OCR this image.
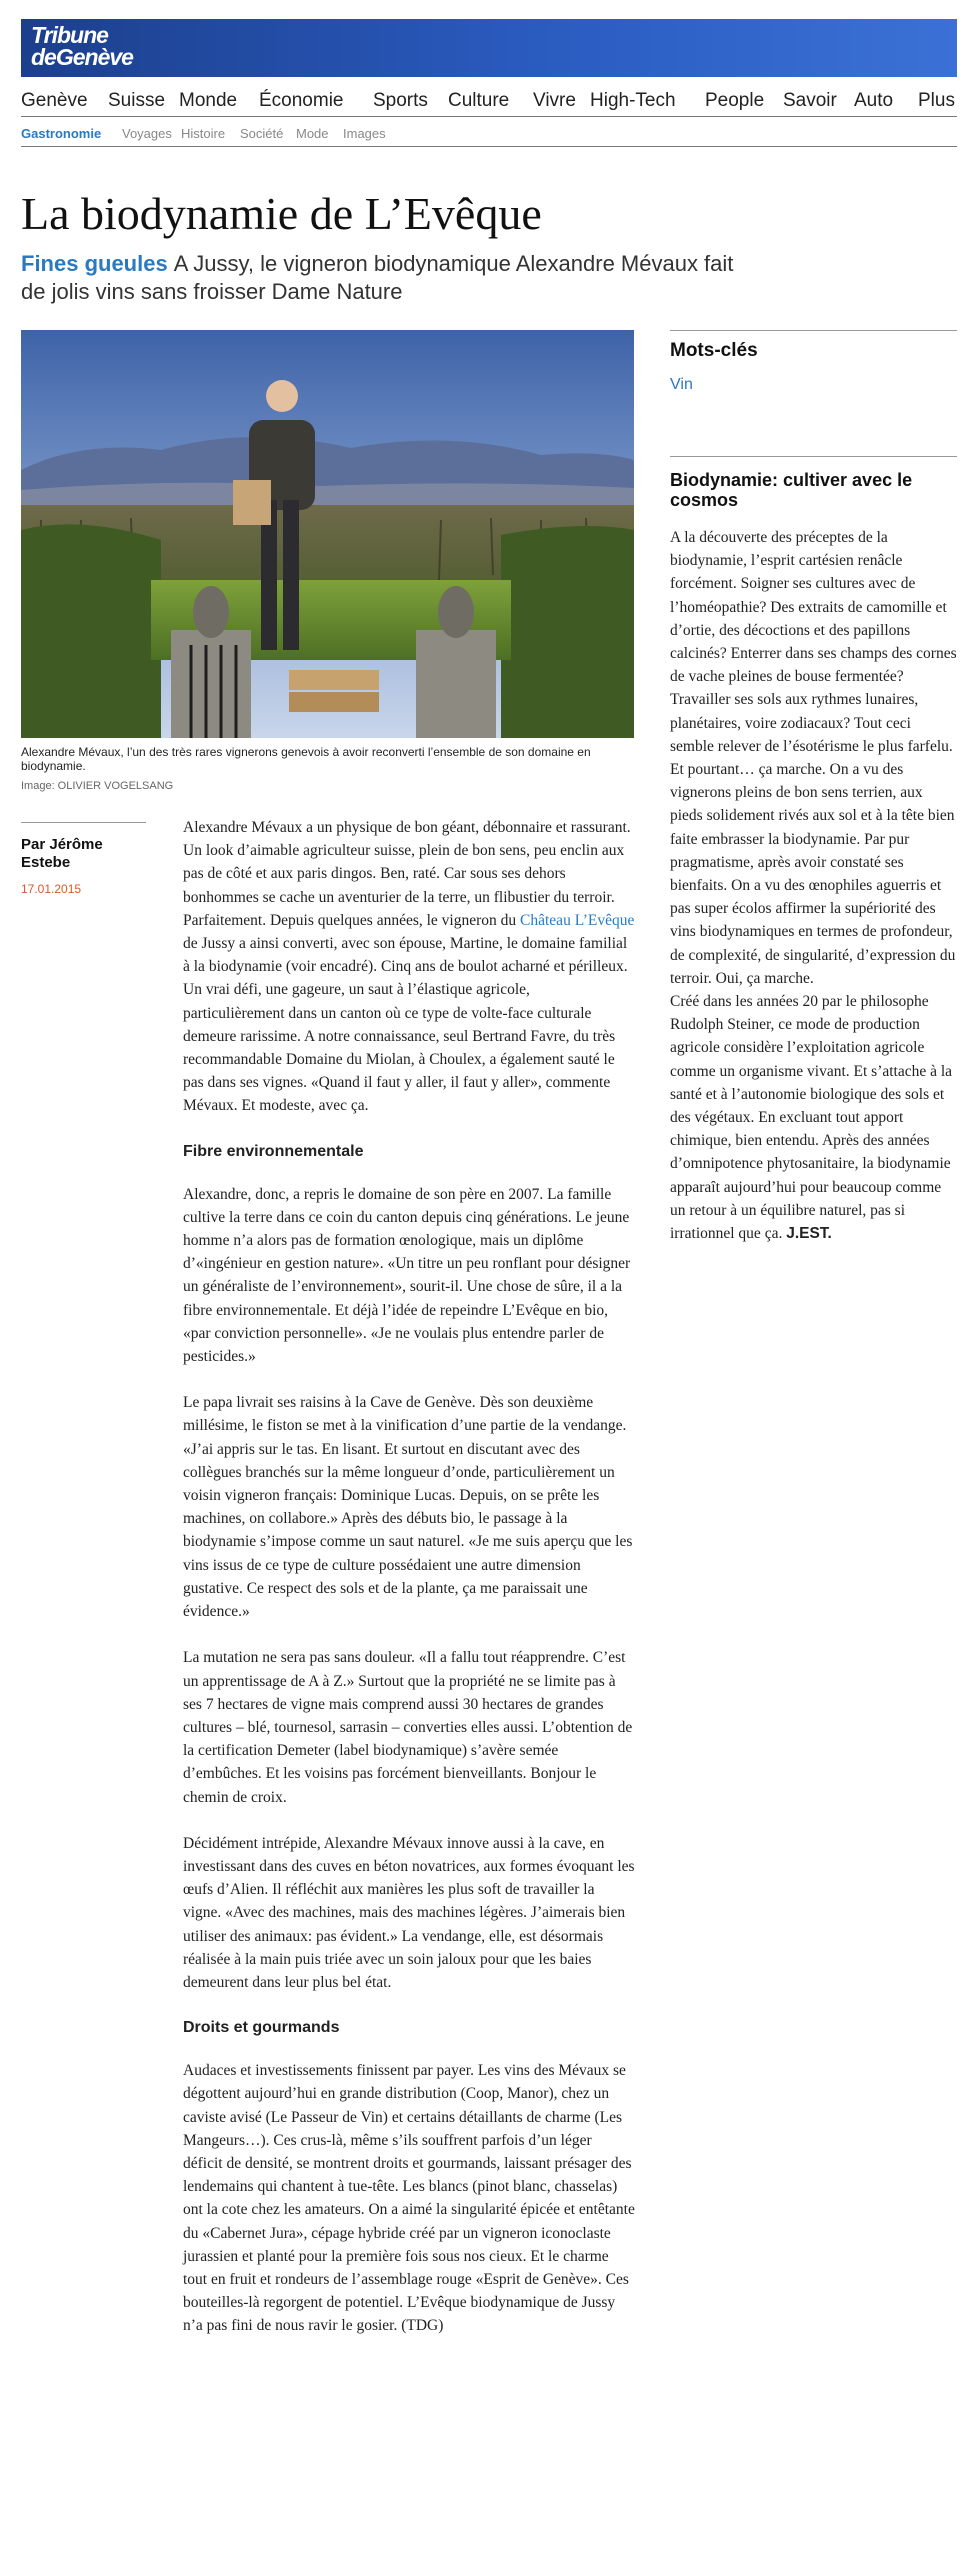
Tribune
deGenève
Genève Suisse Monde Économie Sports Culture Vivre High-Tech People Savoir Auto Plus
Gastronomie Voyages Histoire Société Mode Images
La biodynamie de L’Evêque
Fines gueules A Jussy, le vigneron biodynamique Alexandre Mévaux fait de jolis vins sans froisser Dame Nature
Alexandre Mévaux, l’un des très rares vignerons genevois à avoir reconverti l’ensemble de son domaine en biodynamie.
Image: OLIVIER VOGELSANG
Par Jérôme Estebe
17.01.2015

Alexandre Mévaux a un physique de bon géant, débonnaire et rassurant. Un look d’aimable agriculteur suisse, plein de bon sens, peu enclin aux pas de côté et aux paris dingos. Ben, raté. Car sous ses dehors bonhommes se cache un aventurier de la terre, un flibustier du terroir. Parfaitement. Depuis quelques années, le vigneron du Château L’Evêque de Jussy a ainsi converti, avec son épouse, Martine, le domaine familial à la biodynamie (voir encadré). Cinq ans de boulot acharné et périlleux. Un vrai défi, une gageure, un saut à l’élastique agricole, particulièrement dans un canton où ce type de volte-face culturale demeure rarissime. A notre connaissance, seul Bertrand Favre, du très recommandable Domaine du Miolan, à Choulex, a également sauté le pas dans ses vignes. «Quand il faut y aller, il faut y aller», commente Mévaux. Et modeste, avec ça.

Fibre environnementale

Alexandre, donc, a repris le domaine de son père en 2007. La famille cultive la terre dans ce coin du canton depuis cinq générations. Le jeune homme n’a alors pas de formation œnologique, mais un diplôme d’«ingénieur en gestion nature». «Un titre un peu ronflant pour désigner un généraliste de l’environnement», sourit-il. Une chose de sûre, il a la fibre environnementale. Et déjà l’idée de repeindre L’Evêque en bio, «par conviction personnelle». «Je ne voulais plus entendre parler de pesticides.»

Le papa livrait ses raisins à la Cave de Genève. Dès son deuxième millésime, le fiston se met à la vinification d’une partie de la vendange. «J’ai appris sur le tas. En lisant. Et surtout en discutant avec des collègues branchés sur la même longueur d’onde, particulièrement un voisin vigneron français: Dominique Lucas. Depuis, on se prête les machines, on collabore.» Après des débuts bio, le passage à la biodynamie s’impose comme un saut naturel. «Je me suis aperçu que les vins issus de ce type de culture possédaient une autre dimension gustative. Ce respect des sols et de la plante, ça me paraissait une évidence.»

La mutation ne sera pas sans douleur. «Il a fallu tout réapprendre. C’est un apprentissage de A à Z.» Surtout que la propriété ne se limite pas à ses 7 hectares de vigne mais comprend aussi 30 hectares de grandes cultures – blé, tournesol, sarrasin – converties elles aussi. L’obtention de la certification Demeter (label biodynamique) s’avère semée d’embûches. Et les voisins pas forcément bienveillants. Bonjour le chemin de croix.

Décidément intrépide, Alexandre Mévaux innove aussi à la cave, en investissant dans des cuves en béton novatrices, aux formes évoquant les œufs d’Alien. Il réfléchit aux manières les plus soft de travailler la vigne. «Avec des machines, mais des machines légères. J’aimerais bien utiliser des animaux: pas évident.» La vendange, elle, est désormais réalisée à la main puis triée avec un soin jaloux pour que les baies demeurent dans leur plus bel état.

Droits et gourmands

Audaces et investissements finissent par payer. Les vins des Mévaux se dégottent aujourd’hui en grande distribution (Coop, Manor), chez un caviste avisé (Le Passeur de Vin) et certains détaillants de charme (Les Mangeurs…). Ces crus-là, même s’ils souffrent parfois d’un léger déficit de densité, se montrent droits et gourmands, laissant présager des lendemains qui chantent à tue-tête. Les blancs (pinot blanc, chasselas) ont la cote chez les amateurs. On a aimé la singularité épicée et entêtante du «Cabernet Jura», cépage hybride créé par un vigneron iconoclaste jurassien et planté pour la première fois sous nos cieux. Et le charme tout en fruit et rondeurs de l’assemblage rouge «Esprit de Genève». Ces bouteilles-là regorgent de potentiel. L’Evêque biodynamique de Jussy n’a pas fini de nous ravir le gosier. (TDG)

Mots-clés
Vin
Biodynamie: cultiver avec le cosmos

A la découverte des préceptes de la biodynamie, l’esprit cartésien renâcle forcément. Soigner ses cultures avec de l’homéopathie? Des extraits de camomille et d’ortie, des décoctions et des papillons calcinés? Enterrer dans ses champs des cornes de vache pleines de bouse fermentée? Travailler ses sols aux rythmes lunaires, planétaires, voire zodiacaux? Tout ceci semble relever de l’ésotérisme le plus farfelu. Et pourtant… ça marche. On a vu des vignerons pleins de bon sens terrien, aux pieds solidement rivés aux sol et à la tête bien faite embrasser la biodynamie. Par pur pragmatisme, après avoir constaté ses bienfaits. On a vu des œnophiles aguerris et pas super écolos affirmer la supériorité des vins biodynamiques en termes de profondeur, de complexité, de singularité, d’expression du terroir. Oui, ça marche.

Créé dans les années 20 par le philosophe Rudolph Steiner, ce mode de production agricole considère l’exploitation agricole comme un organisme vivant. Et s’attache à la santé et à l’autonomie biologique des sols et des végétaux. En excluant tout apport chimique, bien entendu. Après des années d’omnipotence phytosanitaire, la biodynamie apparaît aujourd’hui pour beaucoup comme un retour à un équilibre naturel, pas si irrationnel que ça. J.EST.
